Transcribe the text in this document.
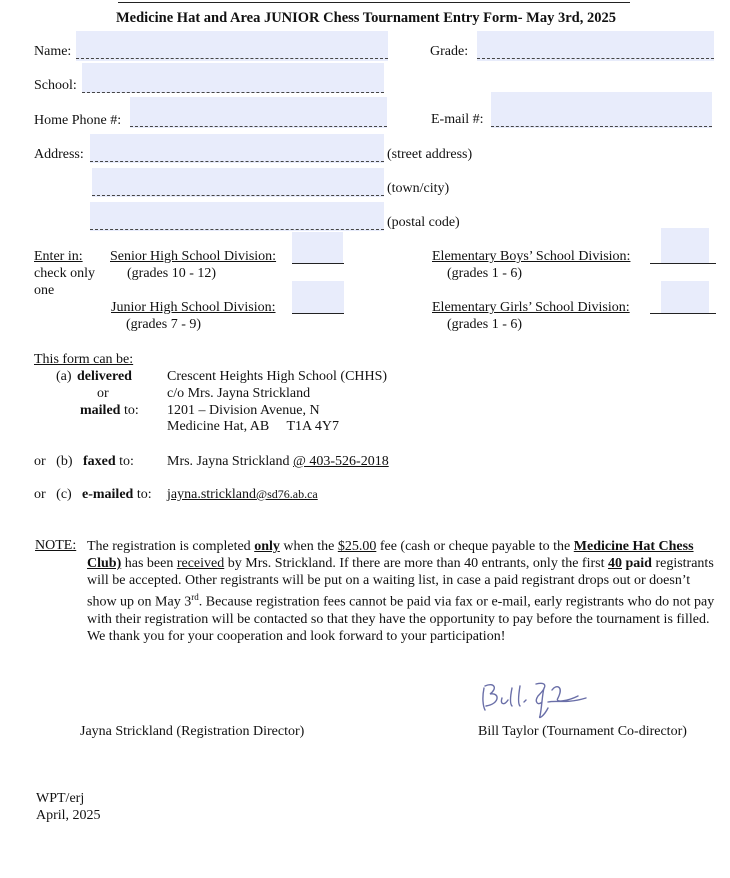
Medicine Hat and Area JUNIOR Chess Tournament Entry Form- May 3rd, 2025
Name:	Grade:
School:
Home Phone #:	E-mail #:
Address:	(street address)
(town/city)
(postal code)
Enter in:
check only
one
Senior High School Division:
(grades 10 - 12)
Junior High School Division:
(grades 7 - 9)
Elementary Boys’ School Division:
(grades 1 - 6)
Elementary Girls’ School Division:
(grades 1 - 6)
This form can be:
(a) delivered
or
mailed to:
Crescent Heights High School (CHHS)
c/o Mrs. Jayna Strickland
1201 – Division Avenue, N
Medicine Hat, AB     T1A 4Y7
or   (b) faxed to: Mrs. Jayna Strickland @ 403-526-2018
or   (c) e-mailed to: jayna.strickland@sd76.ab.ca
NOTE: The registration is completed only when the $25.00 fee (cash or cheque payable to the Medicine Hat Chess Club) has been received by Mrs. Strickland. If there are more than 40 entrants, only the first 40 paid registrants will be accepted. Other registrants will be put on a waiting list, in case a paid registrant drops out or doesn’t show up on May 3rd. Because registration fees cannot be paid via fax or e-mail, early registrants who do not pay with their registration will be contacted so that they have the opportunity to pay before the tournament is filled. We thank you for your cooperation and look forward to your participation!
Jayna Strickland (Registration Director)	Bill Taylor (Tournament Co-director)
WPT/erj
April, 2025
